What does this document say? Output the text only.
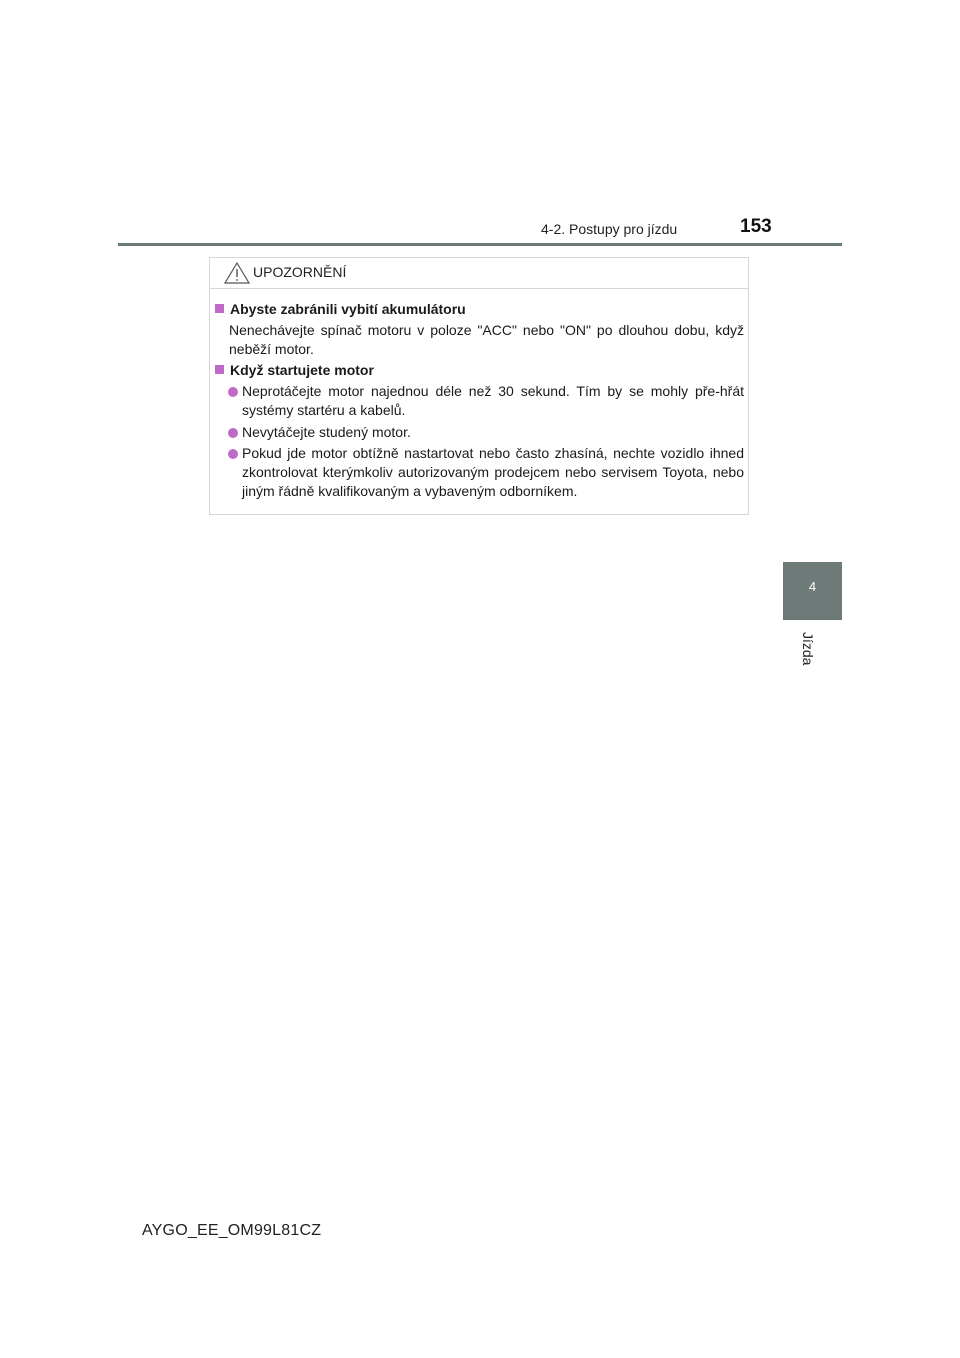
4-2. Postupy pro jízdu	153
UPOZORNĚNÍ
Abyste zabránili vybití akumulátoru
Nenechávejte spínač motoru v poloze "ACC" nebo "ON" po dlouhou dobu, když neběží motor.
Když startujete motor
Neprotáčejte motor najednou déle než 30 sekund. Tím by se mohly pře-hřát systémy startéru a kabelů.
Nevytáčejte studený motor.
Pokud jde motor obtížně nastartovat nebo často zhasíná, nechte vozidlo ihned zkontrolovat kterýmkoliv autorizovaným prodejcem nebo servisem Toyota, nebo jiným řádně kvalifikovaným a vybaveným odborníkem.
4
Jízda
AYGO_EE_OM99L81CZ
